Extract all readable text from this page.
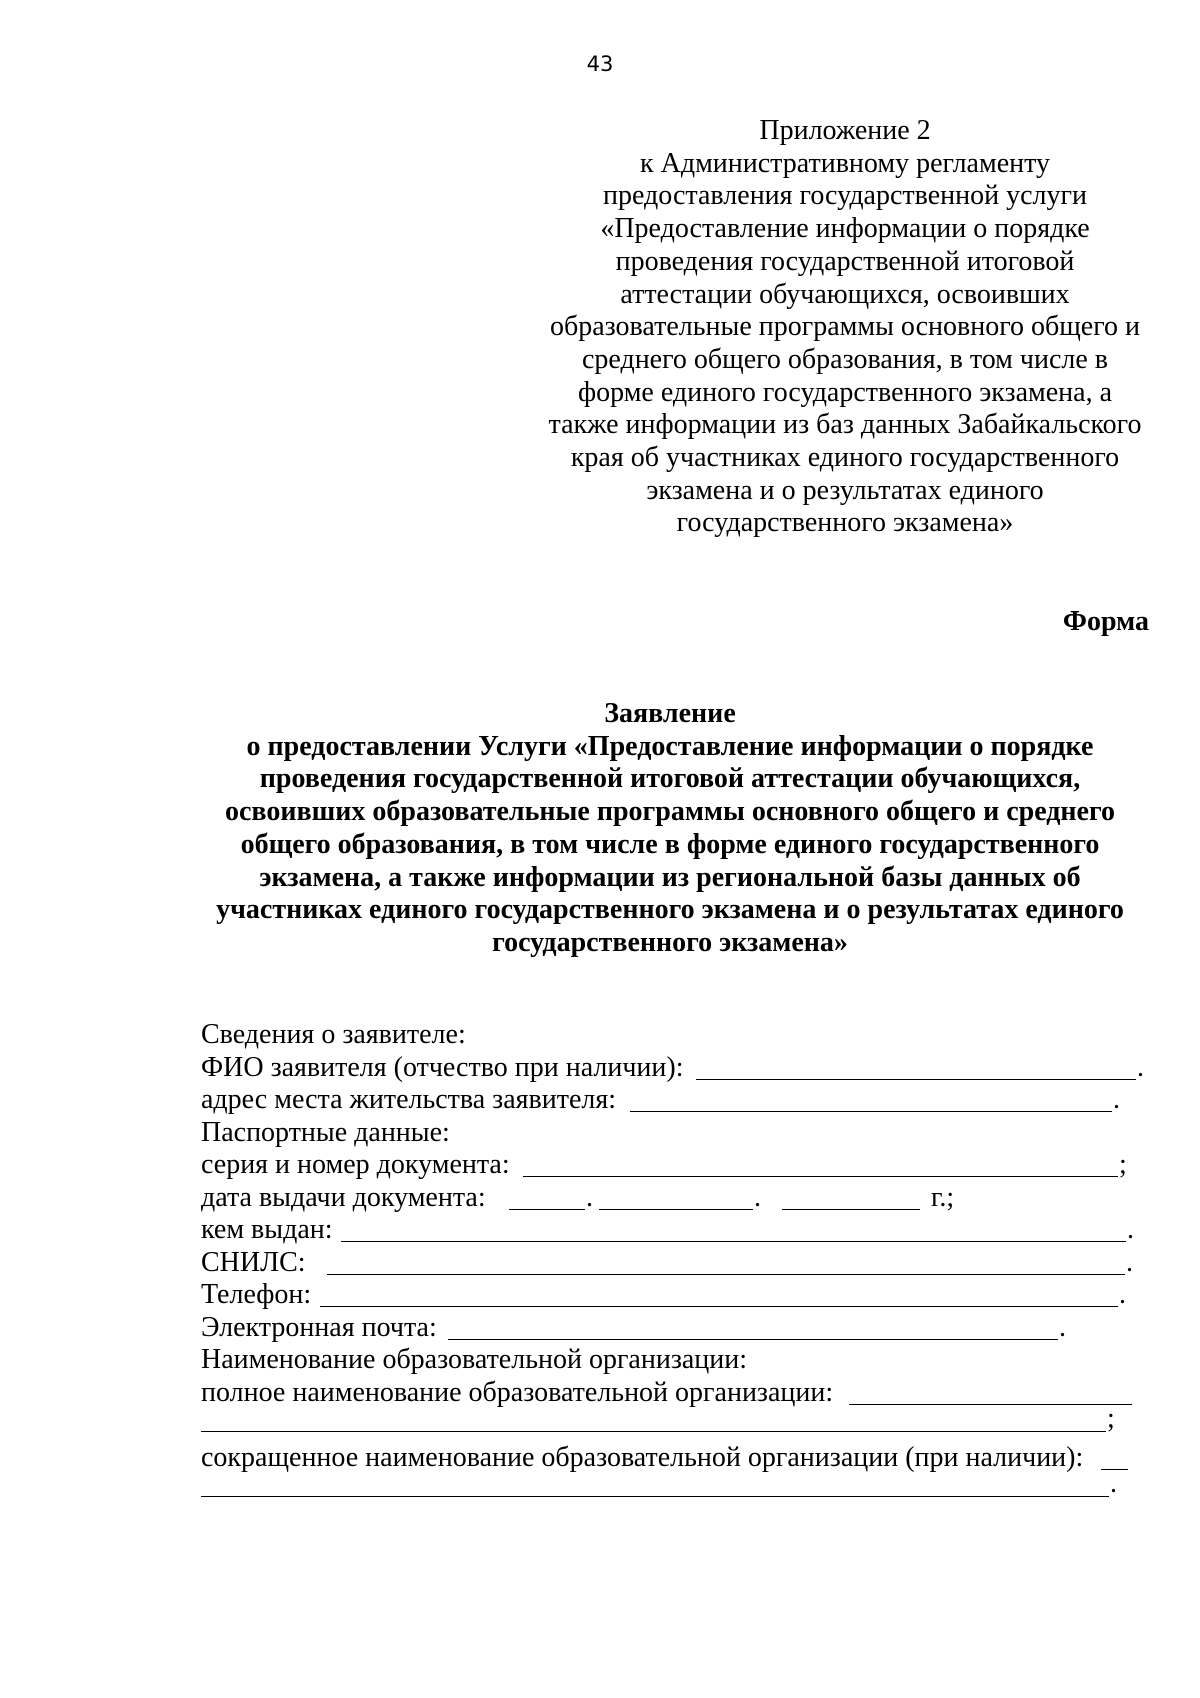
43
Приложение 2
к Административному регламенту
предоставления государственной услуги
«Предоставление информации о порядке
проведения государственной итоговой
аттестации обучающихся, освоивших
образовательные программы основного общего и
среднего общего образования, в том числе в
форме единого государственного экзамена, а
также информации из баз данных Забайкальского
края об участниках единого государственного
экзамена и о результатах единого
государственного экзамена»
Форма
Заявление
о предоставлении Услуги «Предоставление информации о порядке
проведения государственной итоговой аттестации обучающихся,
освоивших образовательные программы основного общего и среднего
общего образования, в том числе в форме единого государственного
экзамена, а также информации из региональной базы данных об
участниках единого государственного экзамена и о результатах единого
государственного экзамена»
Сведения о заявителе:
ФИО заявителя (отчество при наличии):	.
адрес места жительства заявителя:	.
Паспортные данные:
серия и номер документа:	;
дата выдачи документа:	.	.	г.;
кем выдан:	.
СНИЛС:	.
Телефон:	.
Электронная почта:	.
Наименование образовательной организации:
полное наименование образовательной организации:
;
сокращенное наименование образовательной организации (при наличии):
.
